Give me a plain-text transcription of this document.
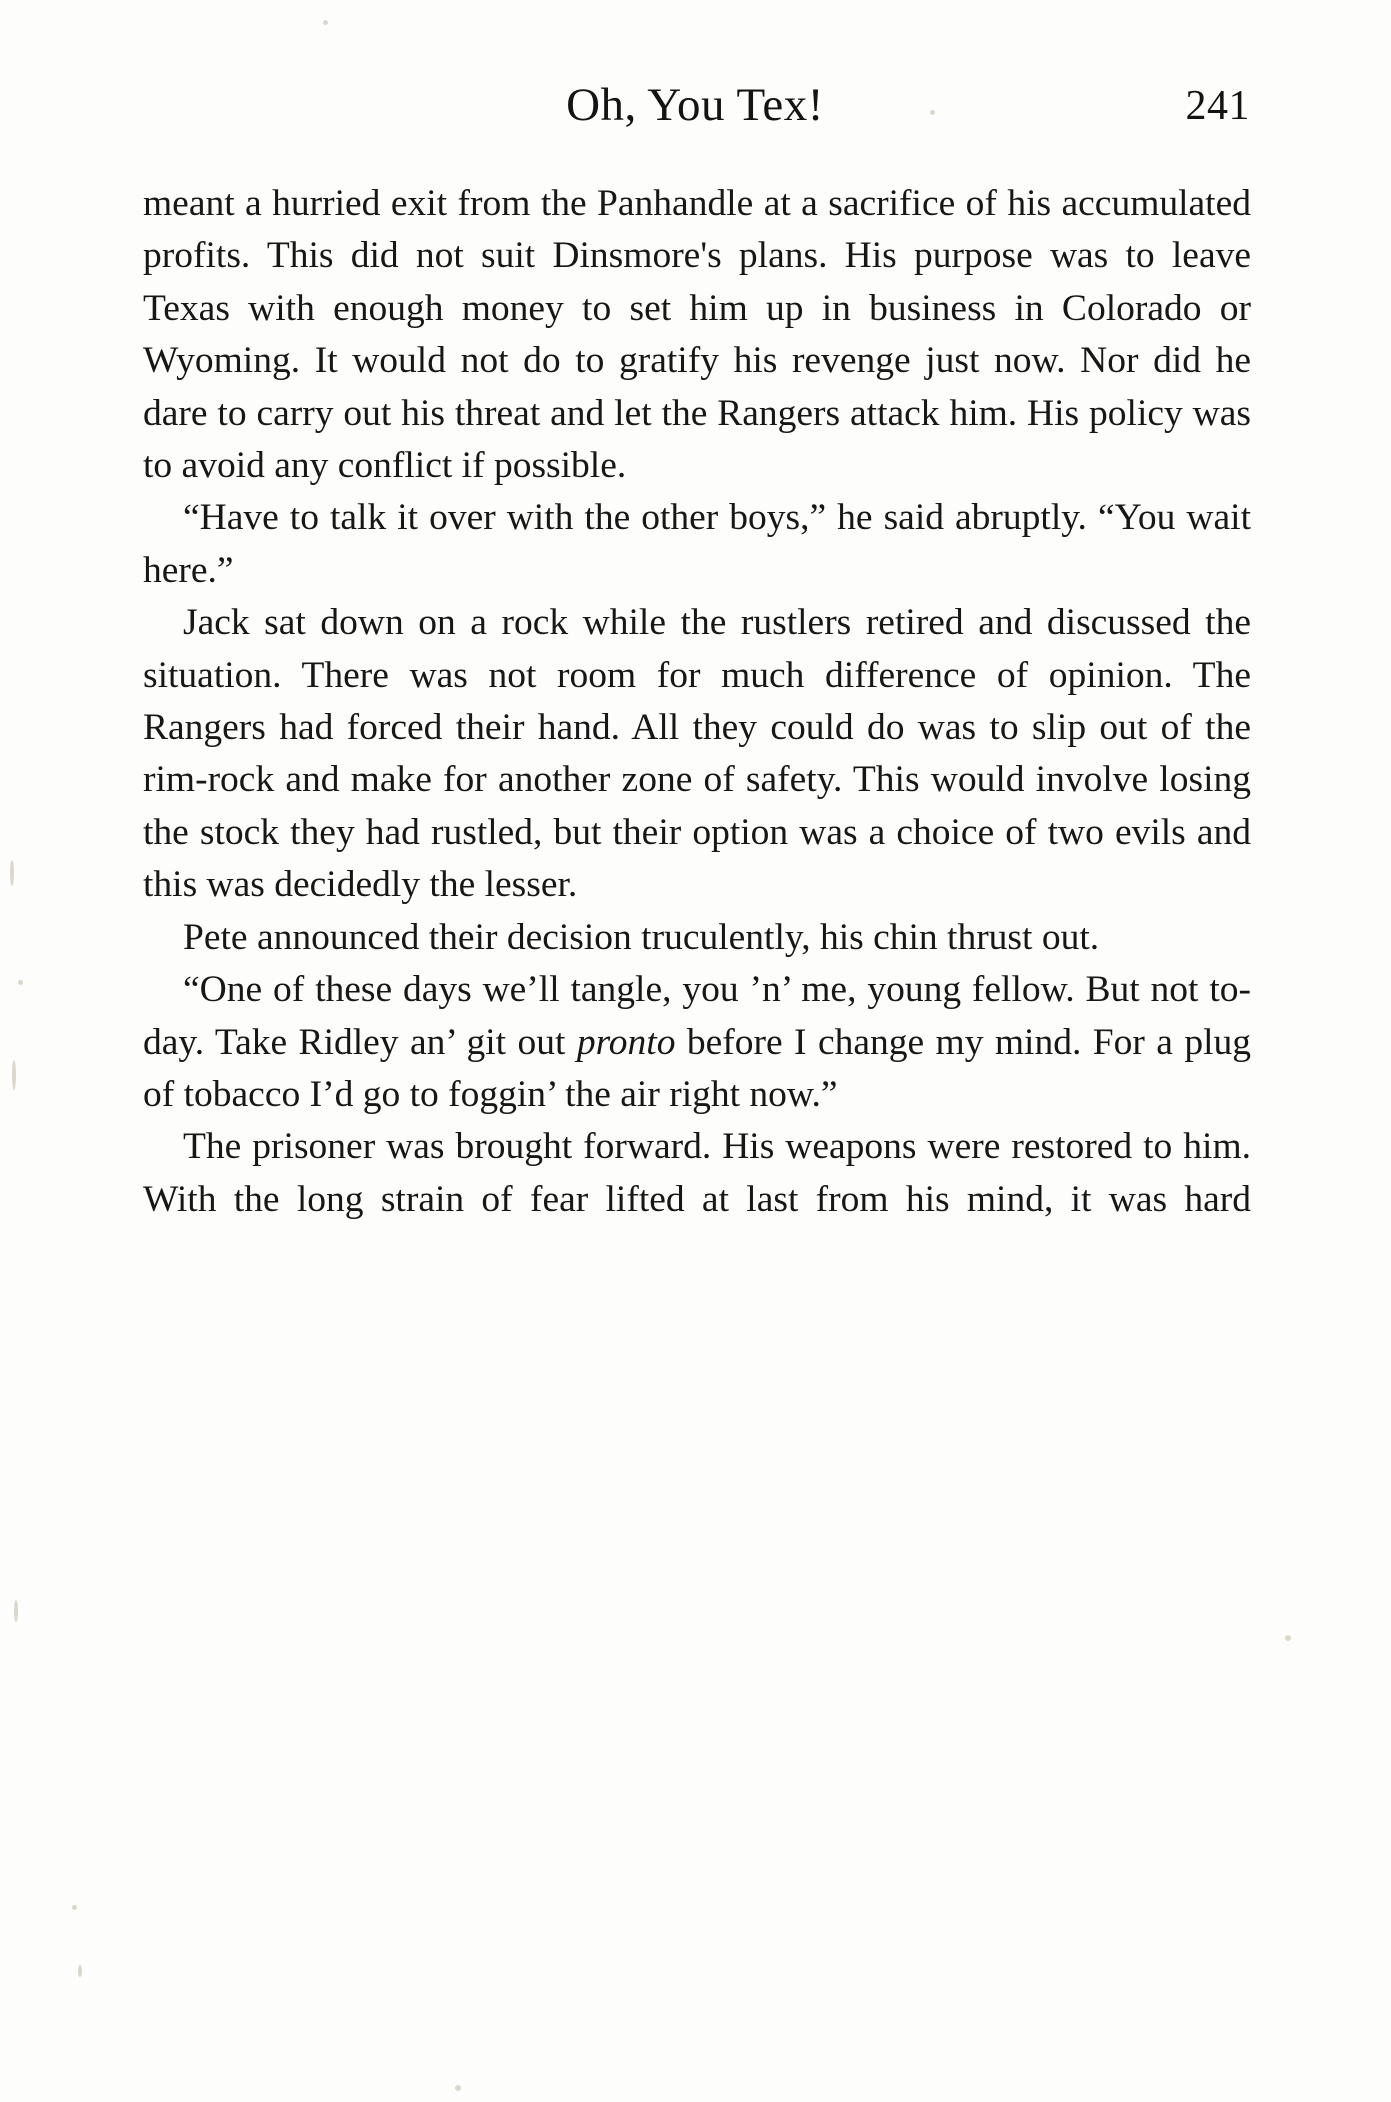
Oh, You Tex!	241

meant a hurried exit from the Panhandle at a sacrifice of his accumulated profits. This did not suit Dinsmore's plans. His purpose was to leave Texas with enough money to set him up in business in Colorado or Wyoming. It would not do to gratify his revenge just now. Nor did he dare to carry out his threat and let the Rangers attack him. His policy was to avoid any conflict if possible.

“Have to talk it over with the other boys,” he said abruptly. “You wait here.”

Jack sat down on a rock while the rustlers retired and discussed the situation. There was not room for much difference of opinion. The Rangers had forced their hand. All they could do was to slip out of the rim-rock and make for another zone of safety. This would involve losing the stock they had rustled, but their option was a choice of two evils and this was decidedly the lesser.

Pete announced their decision truculently, his chin thrust out.

“One of these days we’ll tangle, you ’n’ me, young fellow. But not to-day. Take Ridley an’ git out pronto before I change my mind. For a plug of tobacco I’d go to foggin’ the air right now.”

The prisoner was brought forward. His weapons were restored to him. With the long strain of fear lifted at last from his mind, it was hard
